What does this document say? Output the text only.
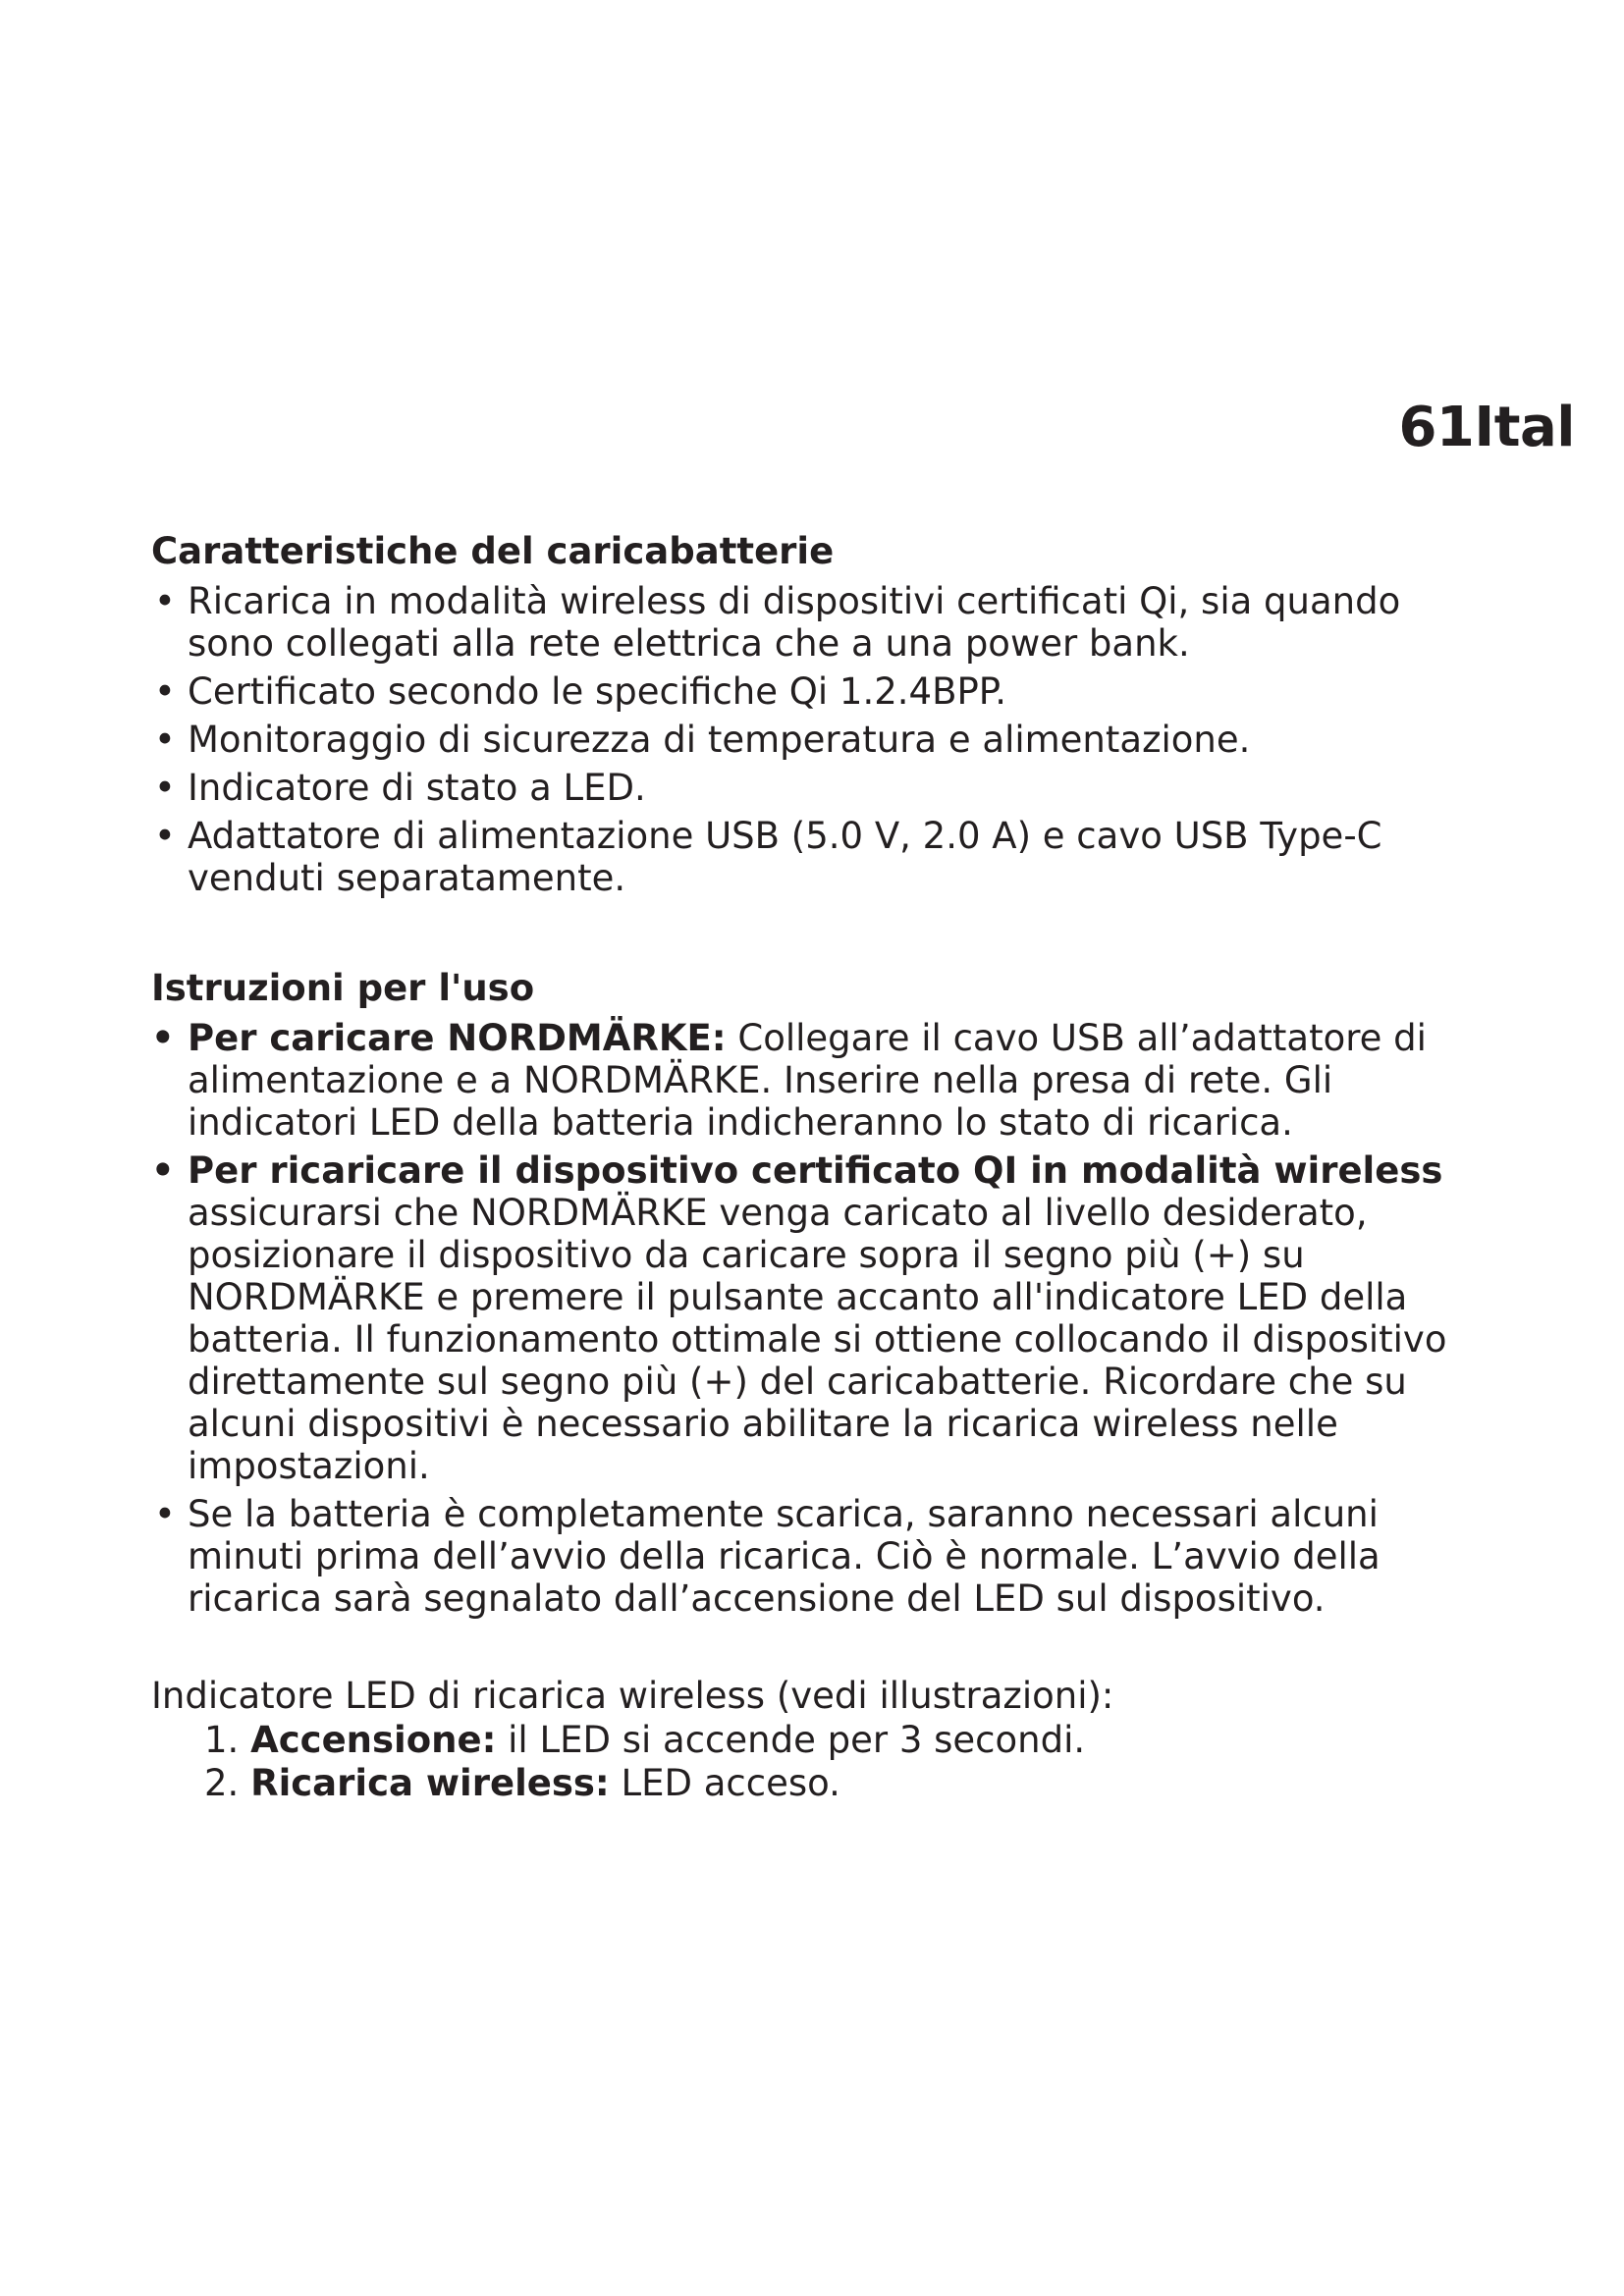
61Ital
Caratteristiche del caricabatterie
• Ricarica in modalità wireless di dispositivi certificati Qi, sia quando sono collegati alla rete elettrica che a una power bank.
• Certificato secondo le specifiche Qi 1.2.4BPP.
• Monitoraggio di sicurezza di temperatura e alimentazione.
• Indicatore di stato a LED.
• Adattatore di alimentazione USB (5.0 V, 2.0 A) e cavo USB Type-C venduti separatamente.
Istruzioni per l'uso
• Per caricare NORDMÄRKE: Collegare il cavo USB all’adattatore di alimentazione e a NORDMÄRKE. Inserire nella presa di rete. Gli indicatori LED della batteria indicheranno lo stato di ricarica.
• Per ricaricare il dispositivo certificato QI in modalità wireless assicurarsi che NORDMÄRKE venga caricato al livello desiderato, posizionare il dispositivo da caricare sopra il segno più (+) su NORDMÄRKE e premere il pulsante accanto all'indicatore LED della batteria. Il funzionamento ottimale si ottiene collocando il dispositivo direttamente sul segno più (+) del caricabatterie. Ricordare che su alcuni dispositivi è necessario abilitare la ricarica wireless nelle impostazioni.
• Se la batteria è completamente scarica, saranno necessari alcuni minuti prima dell’avvio della ricarica. Ciò è normale. L’avvio della ricarica sarà segnalato dall’accensione del LED sul dispositivo.

Indicatore LED di ricarica wireless (vedi illustrazioni):

1. Accensione: il LED si accende per 3 secondi.
2. Ricarica wireless: LED acceso.
